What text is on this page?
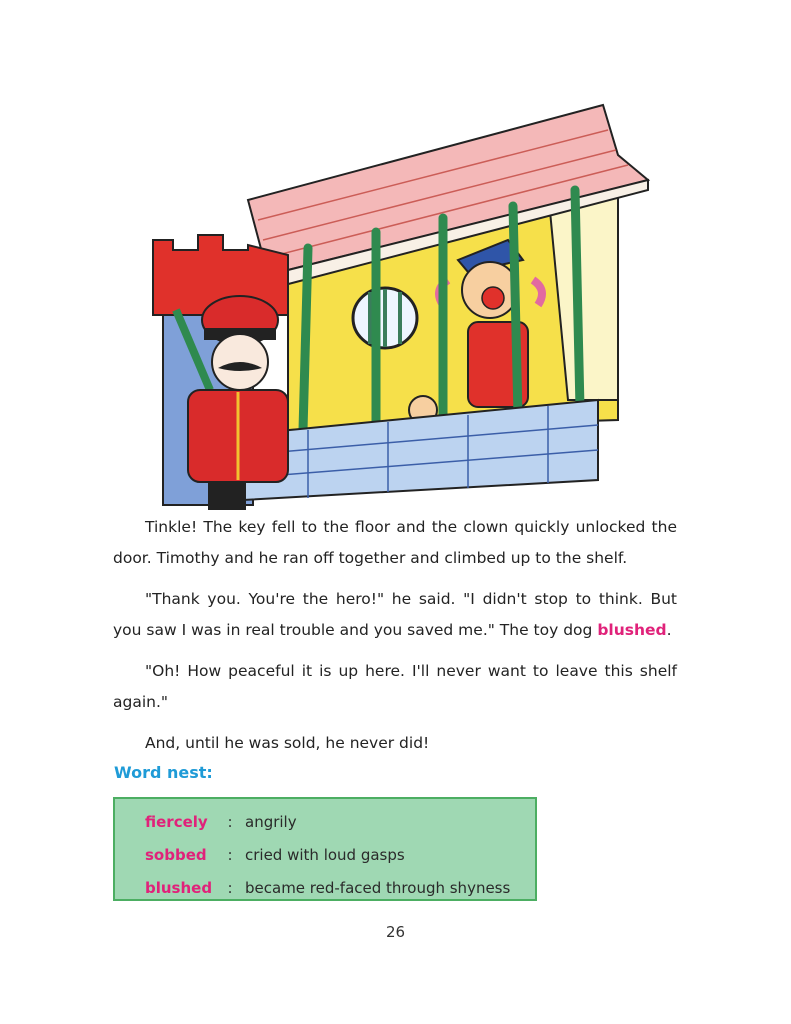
Tinkle! The key fell to the floor and the clown quickly unlocked the door. Timothy and he ran off together and climbed up to the shelf.

"Thank you. You're the hero!" he said. "I didn't stop to think. But you saw I was in real trouble and you saved me." The toy dog blushed.

"Oh! How peaceful it is up here. I'll never want to leave this shelf again."

And, until he was sold, he never did!

Word nest:
fiercely	: angrily
sobbed	: cried with loud gasps
blushed	: became red-faced through shyness
26
